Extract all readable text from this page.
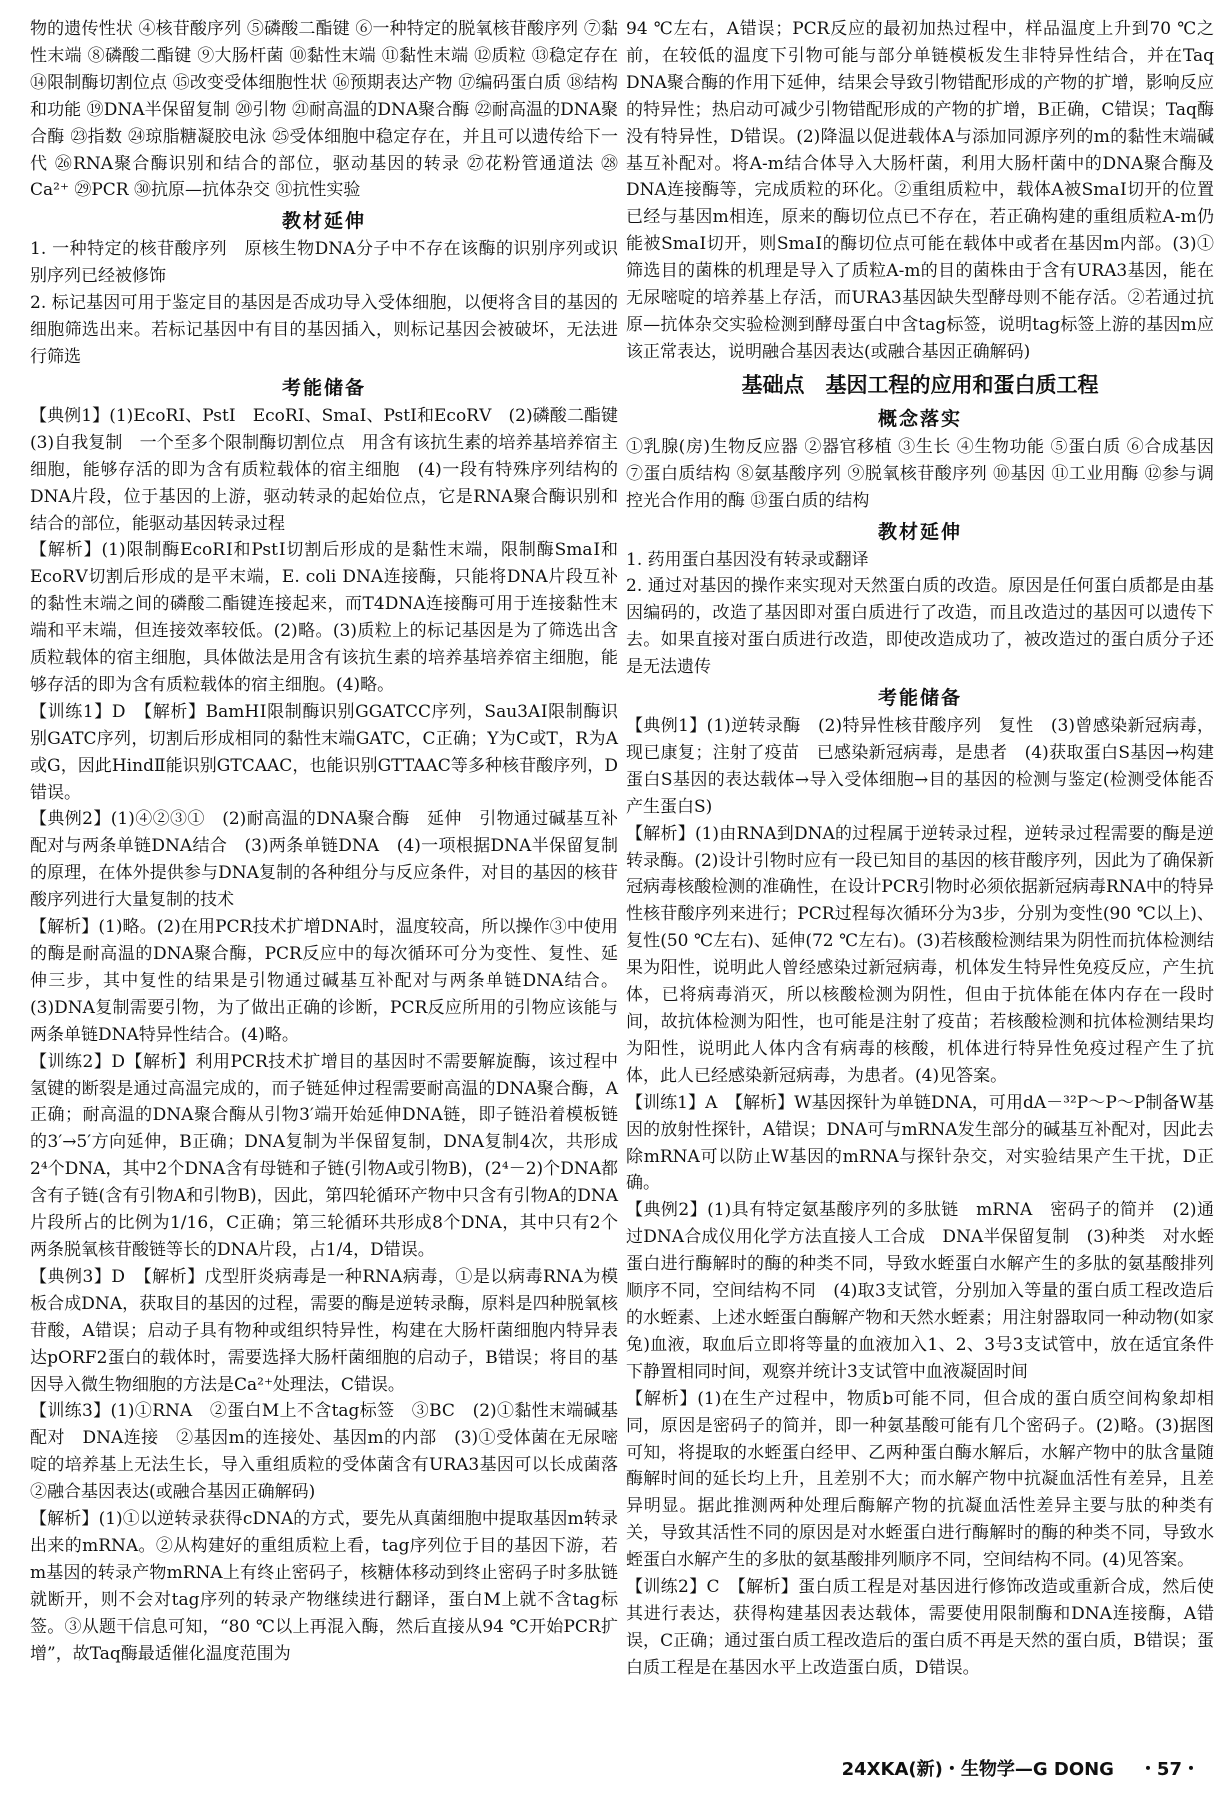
物的遗传性状 ④核苷酸序列 ⑤磷酸二酯键 ⑥一种特定的脱氧核苷酸序列 ⑦黏性末端 ⑧磷酸二酯键 ⑨大肠杆菌 ⑩黏性末端 ⑪黏性末端 ⑫质粒 ⑬稳定存在 ⑭限制酶切割位点 ⑮改变受体细胞性状 ⑯预期表达产物 ⑰编码蛋白质 ⑱结构和功能 ⑲DNA半保留复制 ⑳引物 ㉑耐高温的DNA聚合酶 ㉒耐高温的DNA聚合酶 ㉓指数 ㉔琼脂糖凝胶电泳 ㉕受体细胞中稳定存在，并且可以遗传给下一代 ㉖RNA聚合酶识别和结合的部位，驱动基因的转录 ㉗花粉管通道法 ㉘Ca²⁺ ㉙PCR ㉚抗原—抗体杂交 ㉛抗性实验

教材延伸

1. 一种特定的核苷酸序列　原核生物DNA分子中不存在该酶的识别序列或识别序列已经被修饰

2. 标记基因可用于鉴定目的基因是否成功导入受体细胞，以便将含目的基因的细胞筛选出来。若标记基因中有目的基因插入，则标记基因会被破坏，无法进行筛选

考能储备

【典例1】(1)EcoRⅠ、PstⅠ　EcoRⅠ、SmaⅠ、PstⅠ和EcoRⅤ　(2)磷酸二酯键　(3)自我复制　一个至多个限制酶切割位点　用含有该抗生素的培养基培养宿主细胞，能够存活的即为含有质粒载体的宿主细胞　(4)一段有特殊序列结构的DNA片段，位于基因的上游，驱动转录的起始位点，它是RNA聚合酶识别和结合的部位，能驱动基因转录过程

【解析】(1)限制酶EcoRⅠ和PstⅠ切割后形成的是黏性末端，限制酶SmaⅠ和EcoRⅤ切割后形成的是平末端，E. coli DNA连接酶，只能将DNA片段互补的黏性末端之间的磷酸二酯键连接起来，而T4DNA连接酶可用于连接黏性末端和平末端，但连接效率较低。(2)略。(3)质粒上的标记基因是为了筛选出含质粒载体的宿主细胞，具体做法是用含有该抗生素的培养基培养宿主细胞，能够存活的即为含有质粒载体的宿主细胞。(4)略。

【训练1】D　【解析】BamHⅠ限制酶识别GGATCC序列，Sau3AⅠ限制酶识别GATC序列，切割后形成相同的黏性末端GATC，C正确；Y为C或T，R为A或G，因此HindⅡ能识别GTCAAC，也能识别GTTAAC等多种核苷酸序列，D错误。

【典例2】(1)④②③①　(2)耐高温的DNA聚合酶　延伸　引物通过碱基互补配对与两条单链DNA结合　(3)两条单链DNA　(4)一项根据DNA半保留复制的原理，在体外提供参与DNA复制的各种组分与反应条件，对目的基因的核苷酸序列进行大量复制的技术

【解析】(1)略。(2)在用PCR技术扩增DNA时，温度较高，所以操作③中使用的酶是耐高温的DNA聚合酶，PCR反应中的每次循环可分为变性、复性、延伸三步，其中复性的结果是引物通过碱基互补配对与两条单链DNA结合。(3)DNA复制需要引物，为了做出正确的诊断，PCR反应所用的引物应该能与两条单链DNA特异性结合。(4)略。

【训练2】D【解析】利用PCR技术扩增目的基因时不需要解旋酶，该过程中氢键的断裂是通过高温完成的，而子链延伸过程需要耐高温的DNA聚合酶，A正确；耐高温的DNA聚合酶从引物3′端开始延伸DNA链，即子链沿着模板链的3′→5′方向延伸，B正确；DNA复制为半保留复制，DNA复制4次，共形成2⁴个DNA，其中2个DNA含有母链和子链(引物A或引物B)，(2⁴－2)个DNA都含有子链(含有引物A和引物B)，因此，第四轮循环产物中只含有引物A的DNA片段所占的比例为1/16，C正确；第三轮循环共形成8个DNA，其中只有2个两条脱氧核苷酸链等长的DNA片段，占1/4，D错误。

【典例3】D　【解析】戊型肝炎病毒是一种RNA病毒，①是以病毒RNA为模板合成DNA，获取目的基因的过程，需要的酶是逆转录酶，原料是四种脱氧核苷酸，A错误；启动子具有物种或组织特异性，构建在大肠杆菌细胞内特异表达pORF2蛋白的载体时，需要选择大肠杆菌细胞的启动子，B错误；将目的基因导入微生物细胞的方法是Ca²⁺处理法，C错误。

【训练3】(1)①RNA　②蛋白M上不含tag标签　③BC　(2)①黏性末端碱基配对　DNA连接　②基因m的连接处、基因m的内部　(3)①受体菌在无尿嘧啶的培养基上无法生长，导入重组质粒的受体菌含有URA3基因可以长成菌落　②融合基因表达(或融合基因正确解码)

【解析】(1)①以逆转录获得cDNA的方式，要先从真菌细胞中提取基因m转录出来的mRNA。②从构建好的重组质粒上看，tag序列位于目的基因下游，若m基因的转录产物mRNA上有终止密码子，核糖体移动到终止密码子时多肽链就断开，则不会对tag序列的转录产物继续进行翻译，蛋白M上就不含tag标签。③从题干信息可知，“80 ℃以上再混入酶，然后直接从94 ℃开始PCR扩增”，故Taq酶最适催化温度范围为

94 ℃左右，A错误；PCR反应的最初加热过程中，样品温度上升到70 ℃之前，在较低的温度下引物可能与部分单链模板发生非特异性结合，并在Taq DNA聚合酶的作用下延伸，结果会导致引物错配形成的产物的扩增，影响反应的特异性；热启动可减少引物错配形成的产物的扩增，B正确，C错误；Taq酶没有特异性，D错误。(2)降温以促进载体A与添加同源序列的m的黏性末端碱基互补配对。将A-m结合体导入大肠杆菌，利用大肠杆菌中的DNA聚合酶及DNA连接酶等，完成质粒的环化。②重组质粒中，载体A被SmaⅠ切开的位置已经与基因m相连，原来的酶切位点已不存在，若正确构建的重组质粒A-m仍能被SmaⅠ切开，则SmaⅠ的酶切位点可能在载体中或者在基因m内部。(3)①筛选目的菌株的机理是导入了质粒A-m的目的菌株由于含有URA3基因，能在无尿嘧啶的培养基上存活，而URA3基因缺失型酵母则不能存活。②若通过抗原—抗体杂交实验检测到酵母蛋白中含tag标签，说明tag标签上游的基因m应该正常表达，说明融合基因表达(或融合基因正确解码)

基础点　基因工程的应用和蛋白质工程
概念落实

①乳腺(房)生物反应器 ②器官移植 ③生长 ④生物功能 ⑤蛋白质 ⑥合成基因 ⑦蛋白质结构 ⑧氨基酸序列 ⑨脱氧核苷酸序列 ⑩基因 ⑪工业用酶 ⑫参与调控光合作用的酶 ⑬蛋白质的结构

教材延伸

1. 药用蛋白基因没有转录或翻译

2. 通过对基因的操作来实现对天然蛋白质的改造。原因是任何蛋白质都是由基因编码的，改造了基因即对蛋白质进行了改造，而且改造过的基因可以遗传下去。如果直接对蛋白质进行改造，即使改造成功了，被改造过的蛋白质分子还是无法遗传

考能储备

【典例1】(1)逆转录酶　(2)特异性核苷酸序列　复性　(3)曾感染新冠病毒，现已康复；注射了疫苗　已感染新冠病毒，是患者　(4)获取蛋白S基因→构建蛋白S基因的表达载体→导入受体细胞→目的基因的检测与鉴定(检测受体能否产生蛋白S)

【解析】(1)由RNA到DNA的过程属于逆转录过程，逆转录过程需要的酶是逆转录酶。(2)设计引物时应有一段已知目的基因的核苷酸序列，因此为了确保新冠病毒核酸检测的准确性，在设计PCR引物时必须依据新冠病毒RNA中的特异性核苷酸序列来进行；PCR过程每次循环分为3步，分别为变性(90 ℃以上)、复性(50 ℃左右)、延伸(72 ℃左右)。(3)若核酸检测结果为阴性而抗体检测结果为阳性，说明此人曾经感染过新冠病毒，机体发生特异性免疫反应，产生抗体，已将病毒消灭，所以核酸检测为阴性，但由于抗体能在体内存在一段时间，故抗体检测为阳性，也可能是注射了疫苗；若核酸检测和抗体检测结果均为阳性，说明此人体内含有病毒的核酸，机体进行特异性免疫过程产生了抗体，此人已经感染新冠病毒，为患者。(4)见答案。

【训练1】A　【解析】W基因探针为单链DNA，可用dA－³²P～P～P制备W基因的放射性探针，A错误；DNA可与mRNA发生部分的碱基互补配对，因此去除mRNA可以防止W基因的mRNA与探针杂交，对实验结果产生干扰，D正确。

【典例2】(1)具有特定氨基酸序列的多肽链　mRNA　密码子的简并　(2)通过DNA合成仪用化学方法直接人工合成　DNA半保留复制　(3)种类　对水蛭蛋白进行酶解时的酶的种类不同，导致水蛭蛋白水解产生的多肽的氨基酸排列顺序不同，空间结构不同　(4)取3支试管，分别加入等量的蛋白质工程改造后的水蛭素、上述水蛭蛋白酶解产物和天然水蛭素；用注射器取同一种动物(如家兔)血液，取血后立即将等量的血液加入1、2、3号3支试管中，放在适宜条件下静置相同时间，观察并统计3支试管中血液凝固时间

【解析】(1)在生产过程中，物质b可能不同，但合成的蛋白质空间构象却相同，原因是密码子的简并，即一种氨基酸可能有几个密码子。(2)略。(3)据图可知，将提取的水蛭蛋白经甲、乙两种蛋白酶水解后，水解产物中的肽含量随酶解时间的延长均上升，且差别不大；而水解产物中抗凝血活性有差异，且差异明显。据此推测两种处理后酶解产物的抗凝血活性差异主要与肽的种类有关，导致其活性不同的原因是对水蛭蛋白进行酶解时的酶的种类不同，导致水蛭蛋白水解产生的多肽的氨基酸排列顺序不同，空间结构不同。(4)见答案。

【训练2】C　【解析】蛋白质工程是对基因进行修饰改造或重新合成，然后使其进行表达，获得构建基因表达载体，需要使用限制酶和DNA连接酶，A错误，C正确；通过蛋白质工程改造后的蛋白质不再是天然的蛋白质，B错误；蛋白质工程是在基因水平上改造蛋白质，D错误。

24XKA(新)・生物学—G DONG ・57・
